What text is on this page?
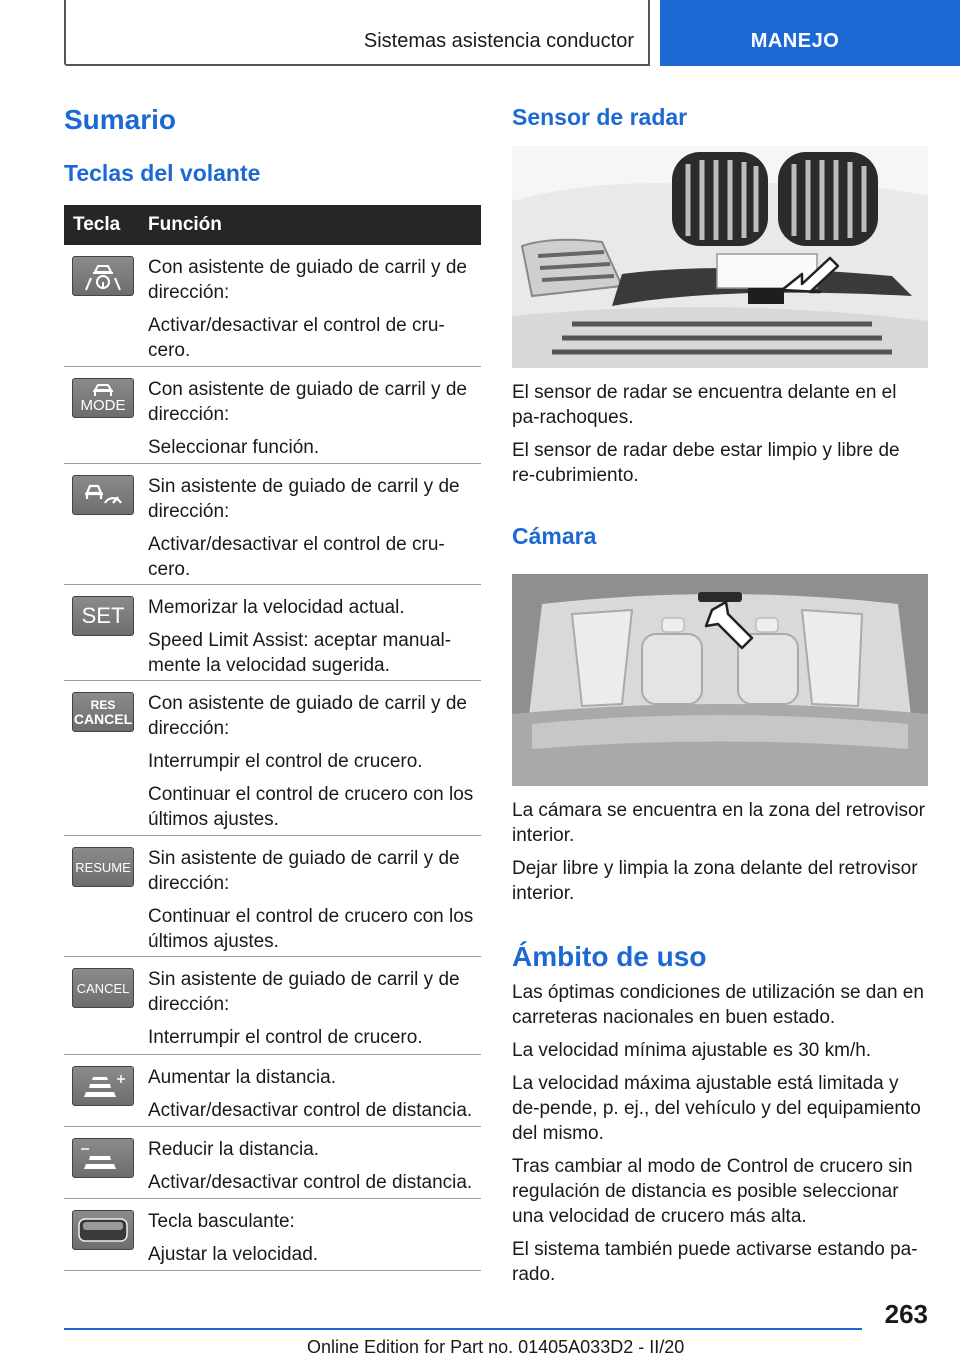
Sistemas asistencia conductor	MANEJO
Sumario
Teclas del volante
Tecla	Función

Con asistente de guiado de carril y de dirección:

Activar/desactivar el control de cru-cero.

MODE

Con asistente de guiado de carril y de dirección:

Seleccionar función.

Sin asistente de guiado de carril y de dirección:

Activar/desactivar el control de cru-cero.

SET Memorizar la velocidad actual.

Speed Limit Assist: aceptar manual-mente la velocidad sugerida.

RES
CANCEL

Con asistente de guiado de carril y de dirección:

Interrumpir el control de crucero.

Continuar el control de crucero con los últimos ajustes.

RESUME Sin asistente de guiado de carril y de dirección:

Continuar el control de crucero con los últimos ajustes.

CANCEL Sin asistente de guiado de carril y de dirección:

Interrumpir el control de crucero.

Aumentar la distancia.

Activar/desactivar control de distancia.

Reducir la distancia.

Activar/desactivar control de distancia.

Tecla basculante:

Ajustar la velocidad.

Sensor de radar

El sensor de radar se encuentra delante en el pa-rachoques.

El sensor de radar debe estar limpio y libre de re-cubrimiento.

Cámara

La cámara se encuentra en la zona del retrovisor interior.

Dejar libre y limpia la zona delante del retrovisor interior.

Ámbito de uso

Las óptimas condiciones de utilización se dan en carreteras nacionales en buen estado.

La velocidad mínima ajustable es 30 km/h.

La velocidad máxima ajustable está limitada y de-pende, p. ej., del vehículo y del equipamiento del mismo.

Tras cambiar al modo de Control de crucero sin regulación de distancia es posible seleccionar una velocidad de crucero más alta.

El sistema también puede activarse estando pa-rado.

263
Online Edition for Part no. 01405A033D2 - II/20
